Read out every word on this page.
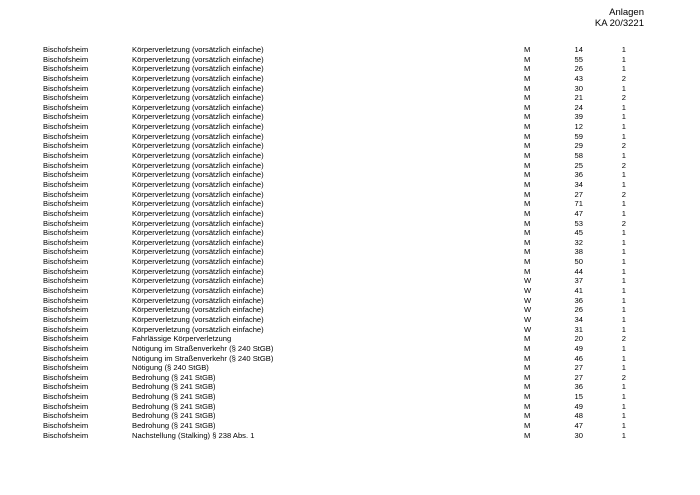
Anlagen
KA 20/3221
Bischofsheim	Körperverletzung (vorsätzlich einfache)	M	14	1
Bischofsheim	Körperverletzung (vorsätzlich einfache)	M	55	1
Bischofsheim	Körperverletzung (vorsätzlich einfache)	M	26	1
Bischofsheim	Körperverletzung (vorsätzlich einfache)	M	43	2
Bischofsheim	Körperverletzung (vorsätzlich einfache)	M	30	1
Bischofsheim	Körperverletzung (vorsätzlich einfache)	M	21	2
Bischofsheim	Körperverletzung (vorsätzlich einfache)	M	24	1
Bischofsheim	Körperverletzung (vorsätzlich einfache)	M	39	1
Bischofsheim	Körperverletzung (vorsätzlich einfache)	M	12	1
Bischofsheim	Körperverletzung (vorsätzlich einfache)	M	59	1
Bischofsheim	Körperverletzung (vorsätzlich einfache)	M	29	2
Bischofsheim	Körperverletzung (vorsätzlich einfache)	M	58	1
Bischofsheim	Körperverletzung (vorsätzlich einfache)	M	25	2
Bischofsheim	Körperverletzung (vorsätzlich einfache)	M	36	1
Bischofsheim	Körperverletzung (vorsätzlich einfache)	M	34	1
Bischofsheim	Körperverletzung (vorsätzlich einfache)	M	27	2
Bischofsheim	Körperverletzung (vorsätzlich einfache)	M	71	1
Bischofsheim	Körperverletzung (vorsätzlich einfache)	M	47	1
Bischofsheim	Körperverletzung (vorsätzlich einfache)	M	53	2
Bischofsheim	Körperverletzung (vorsätzlich einfache)	M	45	1
Bischofsheim	Körperverletzung (vorsätzlich einfache)	M	32	1
Bischofsheim	Körperverletzung (vorsätzlich einfache)	M	38	1
Bischofsheim	Körperverletzung (vorsätzlich einfache)	M	50	1
Bischofsheim	Körperverletzung (vorsätzlich einfache)	M	44	1
Bischofsheim	Körperverletzung (vorsätzlich einfache)	W	37	1
Bischofsheim	Körperverletzung (vorsätzlich einfache)	W	41	1
Bischofsheim	Körperverletzung (vorsätzlich einfache)	W	36	1
Bischofsheim	Körperverletzung (vorsätzlich einfache)	W	26	1
Bischofsheim	Körperverletzung (vorsätzlich einfache)	W	34	1
Bischofsheim	Körperverletzung (vorsätzlich einfache)	W	31	1
Bischofsheim	Fahrlässige Körperverletzung	M	20	2
Bischofsheim	Nötigung im Straßenverkehr (§ 240 StGB)	M	49	1
Bischofsheim	Nötigung im Straßenverkehr (§ 240 StGB)	M	46	1
Bischofsheim	Nötigung (§ 240 StGB)	M	27	1
Bischofsheim	Bedrohung (§ 241 StGB)	M	27	2
Bischofsheim	Bedrohung (§ 241 StGB)	M	36	1
Bischofsheim	Bedrohung (§ 241 StGB)	M	15	1
Bischofsheim	Bedrohung (§ 241 StGB)	M	49	1
Bischofsheim	Bedrohung (§ 241 StGB)	M	48	1
Bischofsheim	Bedrohung (§ 241 StGB)	M	47	1
Bischofsheim	Nachstellung (Stalking) § 238 Abs. 1	M	30	1
